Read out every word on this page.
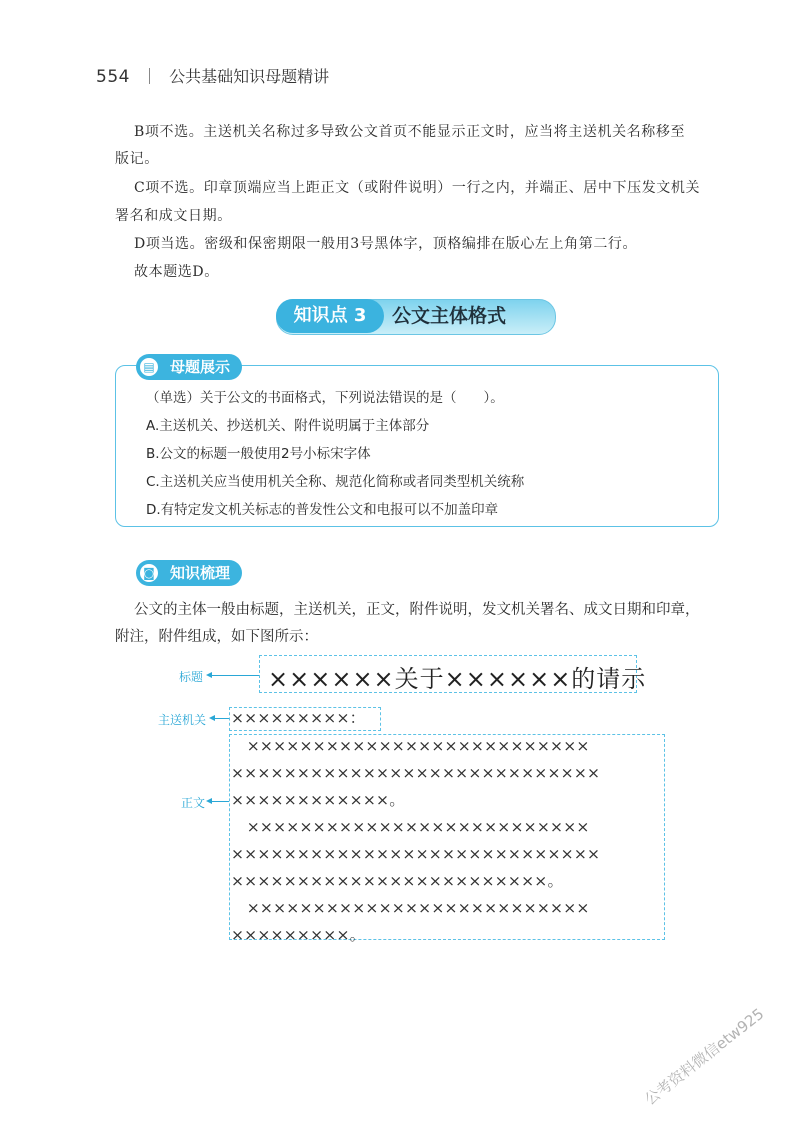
554 公共基础知识母题精讲

B项不选。主送机关名称过多导致公文首页不能显示正文时，应当将主送机关名称移至

版记。
C项不选。印章顶端应当上距正文（或附件说明）一行之内，并端正、居中下压发文机关
署名和成文日期。
D项当选。密级和保密期限一般用3号黑体字，顶格编排在版心左上角第二行。
故本题选D。
知识点 3	公文主体格式
母题展示
▤
（单选）关于公文的书面格式，下列说法错误的是（　　）。
A.主送机关、抄送机关、附件说明属于主体部分
B.公文的标题一般使用2号小标宋字体
C.主送机关应当使用机关全称、规范化简称或者同类型机关统称
D.有特定发文机关标志的普发性公文和电报可以不加盖印章
知识梳理
◙
公文的主体一般由标题，主送机关，正文，附件说明，发文机关署名、成文日期和印章，
附注，附件组成，如下图所示：
标题	××××××关于××××××的请示
主送机关 ×××××××××：
正文
　××××××××××××××××××××××××××
××××××××××××××××××××××××××××
××××××××××××。
　××××××××××××××××××××××××××
××××××××××××××××××××××××××××
××××××××××××××××××××××××。
　××××××××××××××××××××××××××
×××××××××。
公考资料微信etw925
